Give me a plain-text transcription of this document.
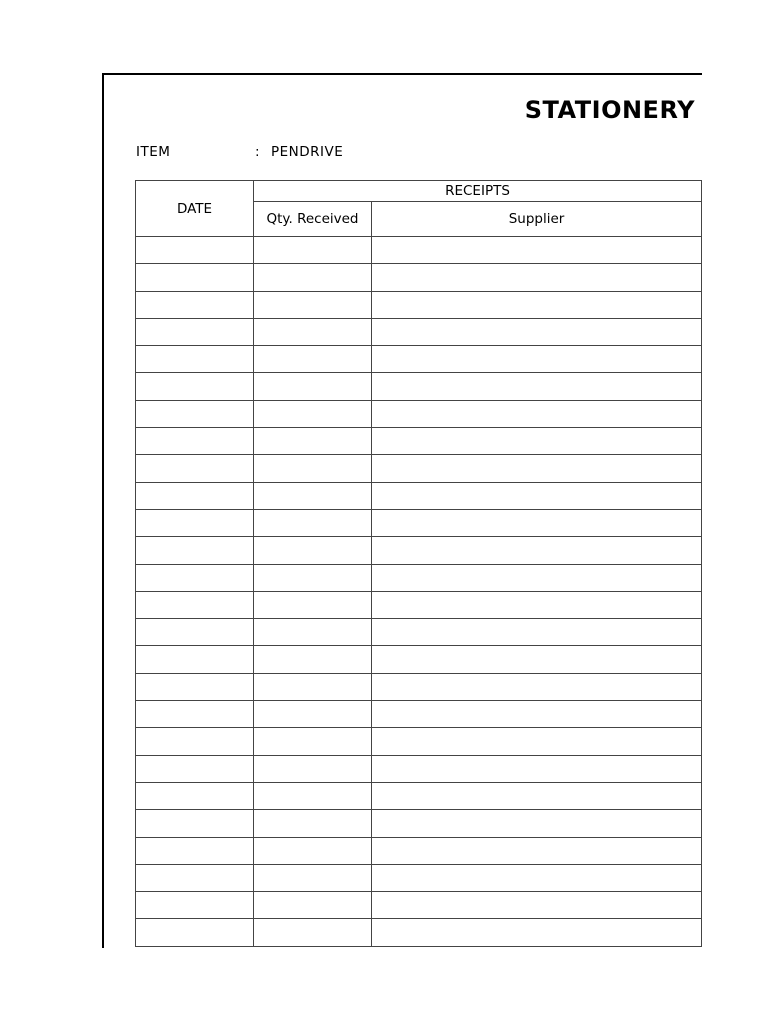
STATIONERY
ITEM	: PENDRIVE
DATE	RECEIPTS	
	Qty. Received	Supplier
